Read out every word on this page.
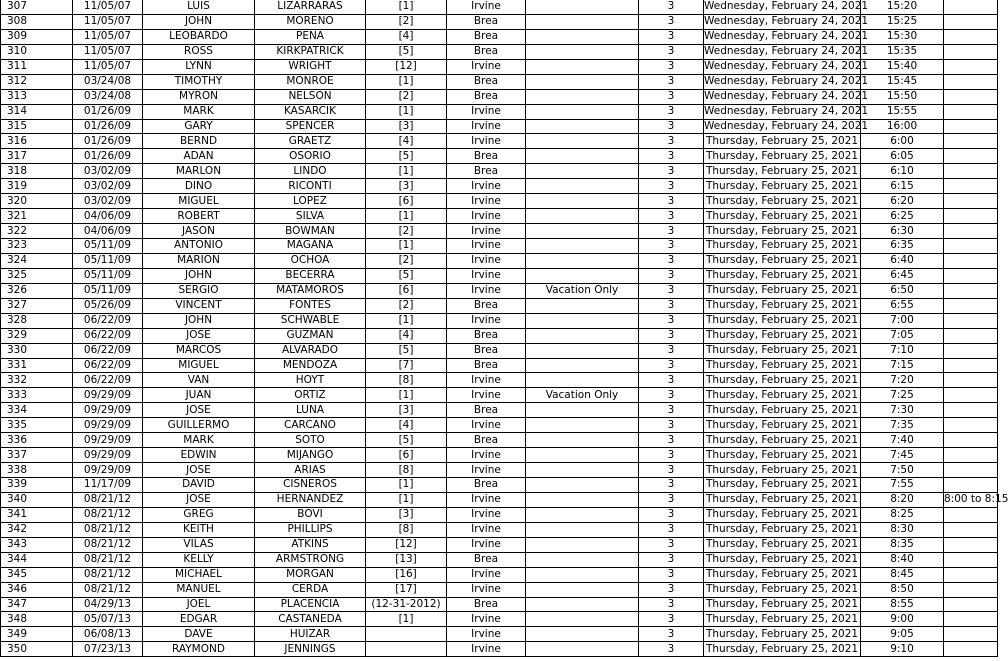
307	11/05/07	LUIS	LIZARRARAS	[1]	Irvine		3	Wednesday, February 24, 2021	15:20	
308	11/05/07	JOHN	MORENO	[2]	Brea		3	Wednesday, February 24, 2021	15:25	
309	11/05/07	LEOBARDO	PENA	[4]	Brea		3	Wednesday, February 24, 2021	15:30	
310	11/05/07	ROSS	KIRKPATRICK	[5]	Brea		3	Wednesday, February 24, 2021	15:35	
311	11/05/07	LYNN	WRIGHT	[12]	Irvine		3	Wednesday, February 24, 2021	15:40	
312	03/24/08	TIMOTHY	MONROE	[1]	Brea		3	Wednesday, February 24, 2021	15:45	
313	03/24/08	MYRON	NELSON	[2]	Brea		3	Wednesday, February 24, 2021	15:50	
314	01/26/09	MARK	KASARCIK	[1]	Irvine		3	Wednesday, February 24, 2021	15:55	
315	01/26/09	GARY	SPENCER	[3]	Irvine		3	Wednesday, February 24, 2021	16:00	
316	01/26/09	BERND	GRAETZ	[4]	Irvine		3	Thursday, February 25, 2021	6:00	
317	01/26/09	ADAN	OSORIO	[5]	Brea		3	Thursday, February 25, 2021	6:05	
318	03/02/09	MARLON	LINDO	[1]	Brea		3	Thursday, February 25, 2021	6:10	
319	03/02/09	DINO	RICONTI	[3]	Irvine		3	Thursday, February 25, 2021	6:15	
320	03/02/09	MIGUEL	LOPEZ	[6]	Irvine		3	Thursday, February 25, 2021	6:20	
321	04/06/09	ROBERT	SILVA	[1]	Irvine		3	Thursday, February 25, 2021	6:25	
322	04/06/09	JASON	BOWMAN	[2]	Irvine		3	Thursday, February 25, 2021	6:30	
323	05/11/09	ANTONIO	MAGANA	[1]	Irvine		3	Thursday, February 25, 2021	6:35	
324	05/11/09	MARION	OCHOA	[2]	Irvine		3	Thursday, February 25, 2021	6:40	
325	05/11/09	JOHN	BECERRA	[5]	Irvine		3	Thursday, February 25, 2021	6:45	
326	05/11/09	SERGIO	MATAMOROS	[6]	Irvine	Vacation Only	3	Thursday, February 25, 2021	6:50	
327	05/26/09	VINCENT	FONTES	[2]	Brea		3	Thursday, February 25, 2021	6:55	
328	06/22/09	JOHN	SCHWABLE	[1]	Irvine		3	Thursday, February 25, 2021	7:00	
329	06/22/09	JOSE	GUZMAN	[4]	Brea		3	Thursday, February 25, 2021	7:05	
330	06/22/09	MARCOS	ALVARADO	[5]	Brea		3	Thursday, February 25, 2021	7:10	
331	06/22/09	MIGUEL	MENDOZA	[7]	Brea		3	Thursday, February 25, 2021	7:15	
332	06/22/09	VAN	HOYT	[8]	Irvine		3	Thursday, February 25, 2021	7:20	
333	09/29/09	JUAN	ORTIZ	[1]	Irvine	Vacation Only	3	Thursday, February 25, 2021	7:25	
334	09/29/09	JOSE	LUNA	[3]	Brea		3	Thursday, February 25, 2021	7:30	
335	09/29/09	GUILLERMO	CARCANO	[4]	Irvine		3	Thursday, February 25, 2021	7:35	
336	09/29/09	MARK	SOTO	[5]	Brea		3	Thursday, February 25, 2021	7:40	
337	09/29/09	EDWIN	MIJANGO	[6]	Irvine		3	Thursday, February 25, 2021	7:45	
338	09/29/09	JOSE	ARIAS	[8]	Irvine		3	Thursday, February 25, 2021	7:50	
339	11/17/09	DAVID	CISNEROS	[1]	Brea		3	Thursday, February 25, 2021	7:55	
340	08/21/12	JOSE	HERNANDEZ	[1]	Irvine		3	Thursday, February 25, 2021	8:20	8:00 to 8:15
341	08/21/12	GREG	BOVI	[3]	Irvine		3	Thursday, February 25, 2021	8:25	
342	08/21/12	KEITH	PHILLIPS	[8]	Irvine		3	Thursday, February 25, 2021	8:30	
343	08/21/12	VILAS	ATKINS	[12]	Irvine		3	Thursday, February 25, 2021	8:35	
344	08/21/12	KELLY	ARMSTRONG	[13]	Brea		3	Thursday, February 25, 2021	8:40	
345	08/21/12	MICHAEL	MORGAN	[16]	Irvine		3	Thursday, February 25, 2021	8:45	
346	08/21/12	MANUEL	CERDA	[17]	Irvine		3	Thursday, February 25, 2021	8:50	
347	04/29/13	JOEL	PLACENCIA	(12-31-2012)	Brea		3	Thursday, February 25, 2021	8:55	
348	05/07/13	EDGAR	CASTANEDA	[1]	Irvine		3	Thursday, February 25, 2021	9:00	
349	06/08/13	DAVE	HUIZAR		Irvine		3	Thursday, February 25, 2021	9:05	
350	07/23/13	RAYMOND	JENNINGS		Irvine		3	Thursday, February 25, 2021	9:10	
